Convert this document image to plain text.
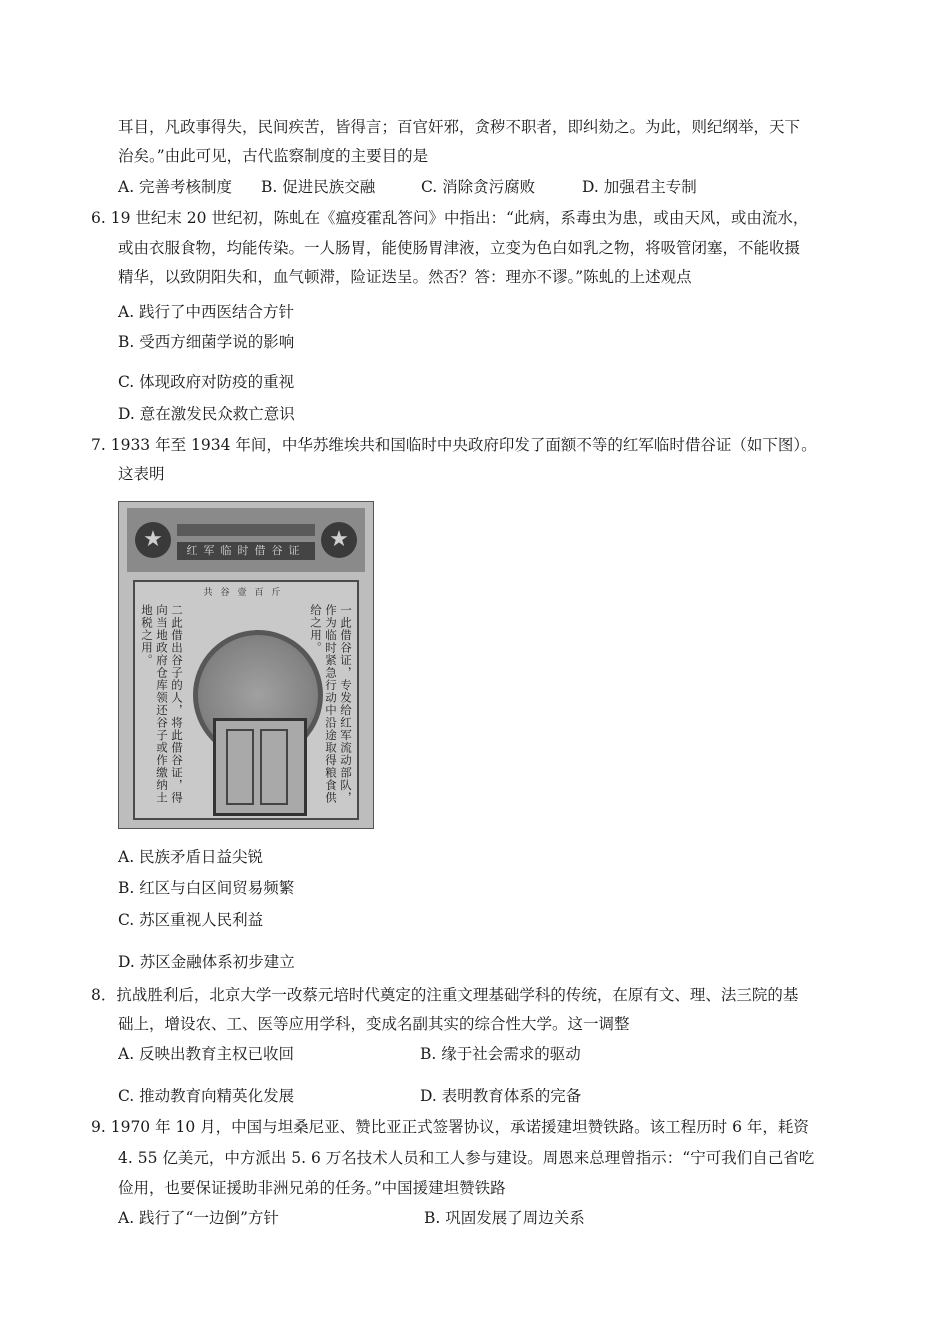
耳目，凡政事得失，民间疾苦，皆得言；百官奸邪，贪秽不职者，即纠劾之。为此，则纪纲举，天下
治矣。”由此可见，古代监察制度的主要目的是
A. 完善考核制度 B. 促进民族交融	C. 消除贪污腐败	D. 加强君主专制
6. 19 世纪末 20 世纪初，陈虬在《瘟疫霍乱答问》中指出：“此病，系毒虫为患，或由天风，或由流水，
或由衣服食物，均能传染。一人肠胃，能使肠胃津液，立变为色白如乳之物，将吸管闭塞，不能收摄
精华，以致阴阳失和，血气顿滞，险证迭呈。然否？答：理亦不谬。”陈虬的上述观点
A. 践行了中西医结合方针
B. 受西方细菌学说的影响
C. 体现政府对防疫的重视
D. 意在激发民众救亡意识
7. 1933 年至 1934 年间，中华苏维埃共和国临时中央政府印发了面额不等的红军临时借谷证（如下图）。
这表明
★	★
红军临时借谷证
共谷壹百斤
一此借谷证，专发给红军流动部队，作为临时紧急行动中沿途取得粮食供给之用。
二此借出谷子的人，将此借谷证，得向当地政府仓库领还谷子或作缴纳土地税之用。
A. 民族矛盾日益尖锐
B. 红区与白区间贸易频繁
C. 苏区重视人民利益
D. 苏区金融体系初步建立
8．抗战胜利后，北京大学一改蔡元培时代奠定的注重文理基础学科的传统，在原有文、理、法三院的基
础上，增设农、工、医等应用学科，变成名副其实的综合性大学。这一调整
A. 反映出教育主权已收回	B. 缘于社会需求的驱动
C. 推动教育向精英化发展	D. 表明教育体系的完备
9. 1970 年 10 月，中国与坦桑尼亚、赞比亚正式签署协议，承诺援建坦赞铁路。该工程历时 6 年，耗资
4. 55 亿美元，中方派出 5. 6 万名技术人员和工人参与建设。周恩来总理曾指示：“宁可我们自己省吃
俭用，也要保证援助非洲兄弟的任务。”中国援建坦赞铁路
A. 践行了“一边倒”方针	B. 巩固发展了周边关系
